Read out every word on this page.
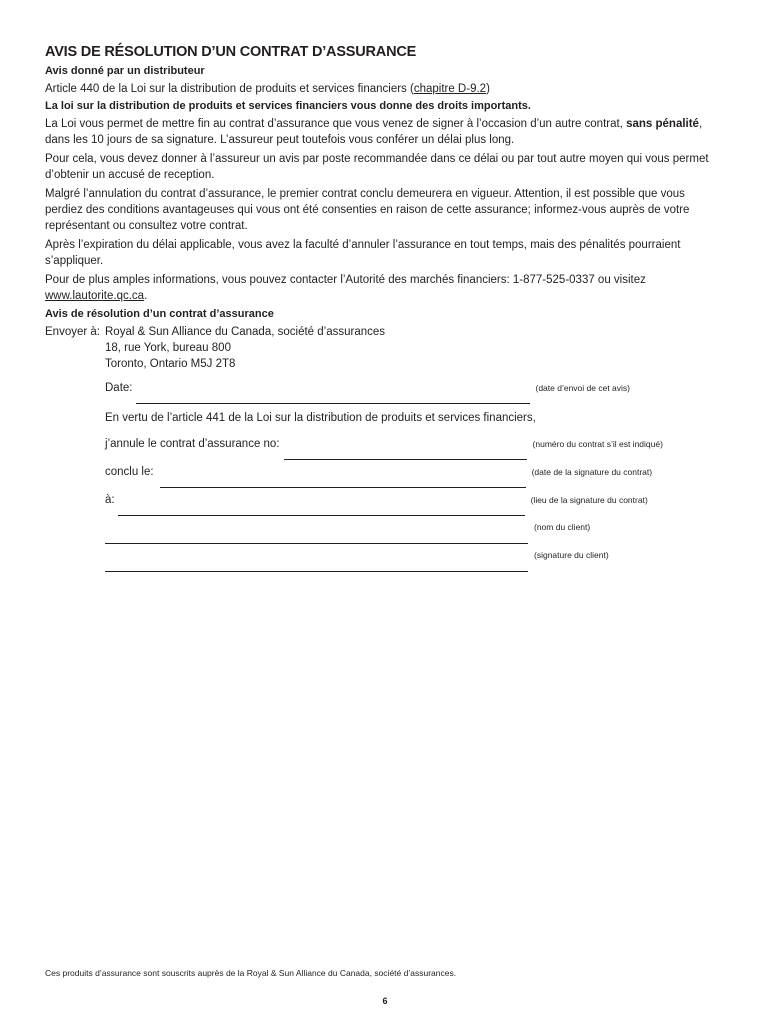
AVIS DE RÉSOLUTION D’UN CONTRAT D’ASSURANCE
Avis donné par un distributeur

Article 440 de la Loi sur la distribution de produits et services financiers (chapitre D-9.2)

La loi sur la distribution de produits et services financiers vous donne des droits importants.

La Loi vous permet de mettre fin au contrat d’assurance que vous venez de signer à l’occasion d’un autre contrat, sans pénalité, dans les 10 jours de sa signature. L’assureur peut toutefois vous conférer un délai plus long.

Pour cela, vous devez donner à l’assureur un avis par poste recommandée dans ce délai ou par tout autre moyen qui vous permet d’obtenir un accusé de reception.

Malgré l’annulation du contrat d’assurance, le premier contrat conclu demeurera en vigueur. Attention, il est possible que vous perdiez des conditions avantageuses qui vous ont été consenties en raison de cette assurance; informez-vous auprès de votre représentant ou consultez votre contrat.

Après l’expiration du délai applicable, vous avez la faculté d’annuler l’assurance en tout temps, mais des pénalités pourraient s’appliquer.

Pour de plus amples informations, vous pouvez contacter l’Autorité des marchés financiers: 1-877-525-0337 ou visitez www.lautorite.qc.ca.

Avis de résolution d’un contrat d’assurance
Envoyer à: Royal & Sun Alliance du Canada, société d’assurances
18, rue York, bureau 800
Toronto, Ontario M5J 2T8
Date:	(date d’envoi de cet avis)
En vertu de l’article 441 de la Loi sur la distribution de produits et services financiers,
j’annule le contrat d’assurance no:	(numéro du contrat s’il est indiqué)
conclu le:	(date de la signature du contrat)
à:	(lieu de la signature du contrat)
(nom du client)
(signature du client)
Ces produits d’assurance sont souscrits auprès de la Royal & Sun Alliance du Canada, société d’assurances.
6
